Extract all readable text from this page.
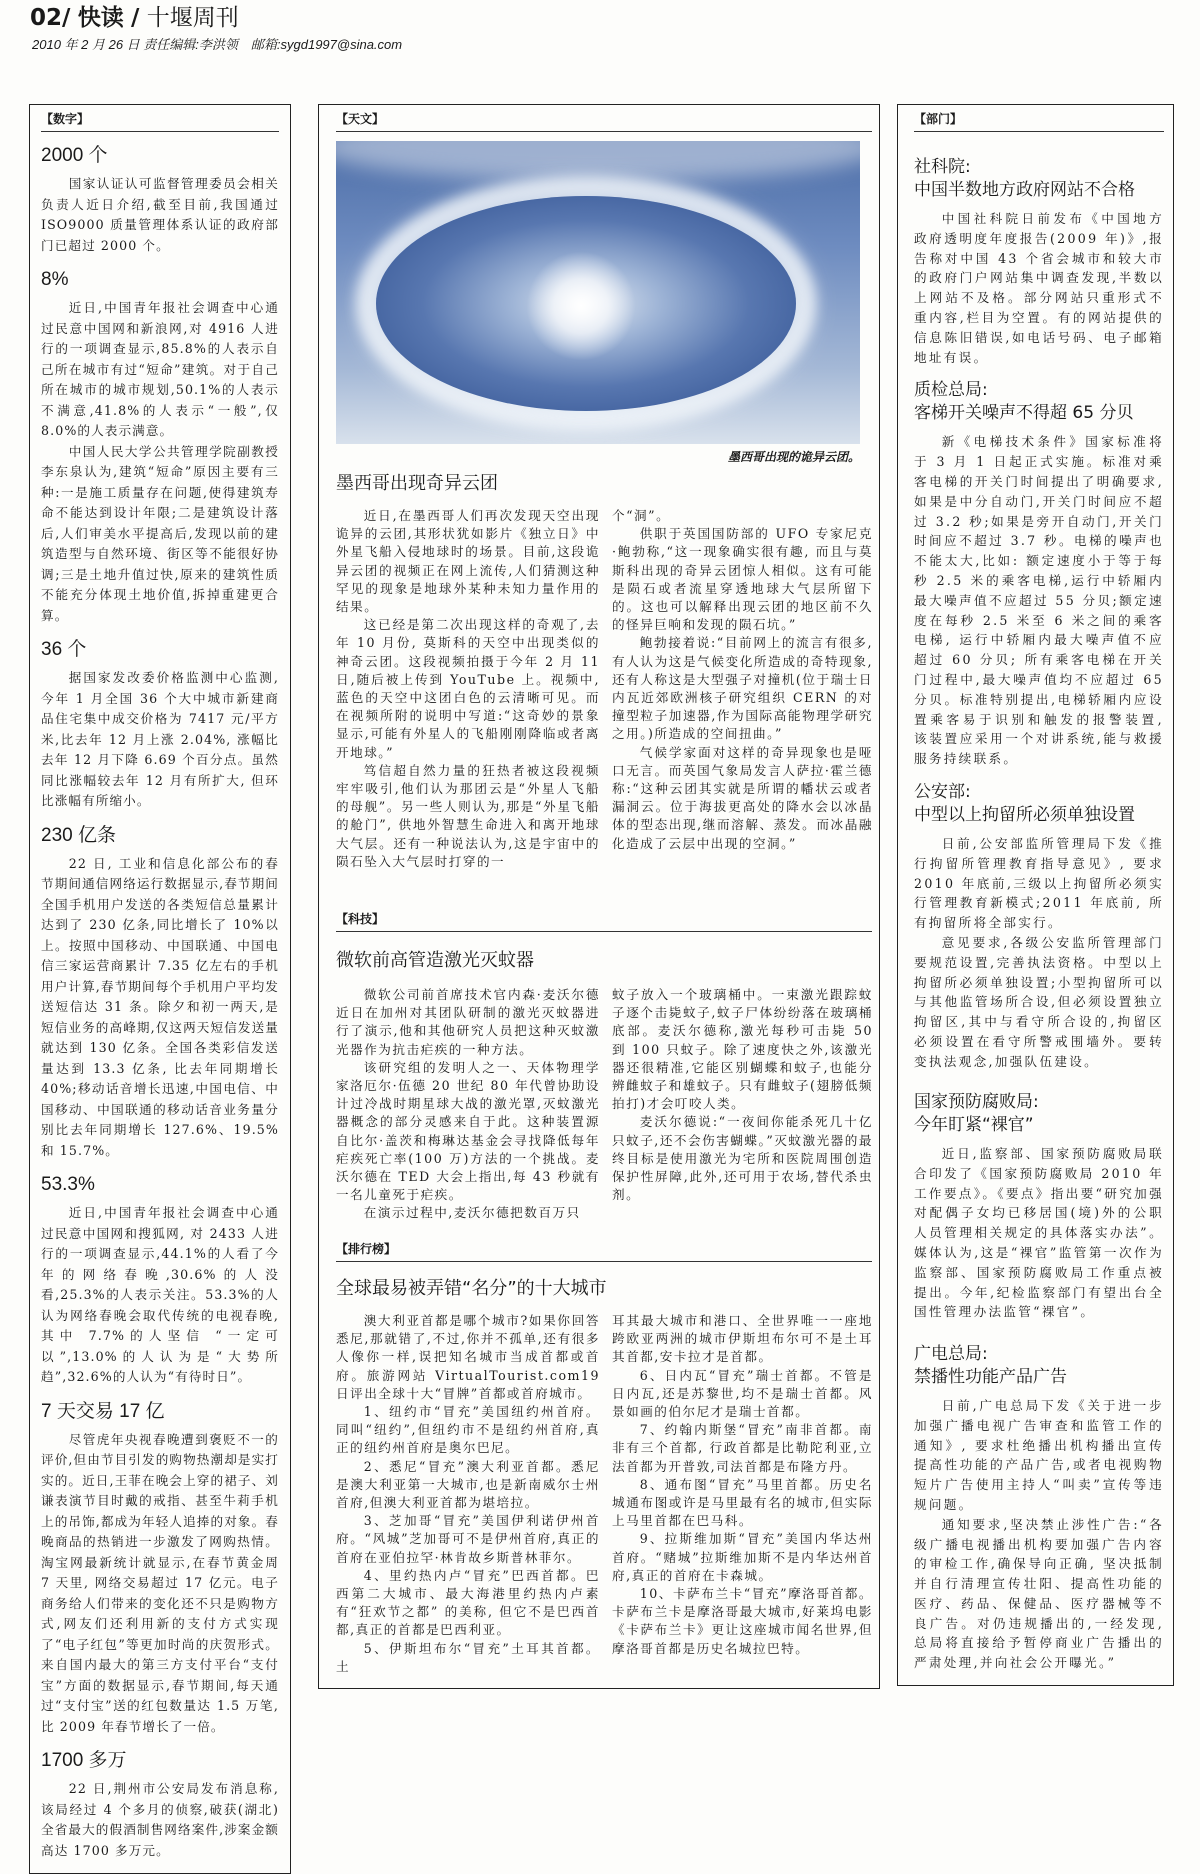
02/ 快读 / 十堰周刊
2010 年 2 月 26 日 责任编辑:李洪领　邮箱:sygd1997@sina.com
【数字】
2000 个

国家认证认可监督管理委员会相关负责人近日介绍,截至目前,我国通过 ISO9000 质量管理体系认证的政府部门已超过 2000 个。

8%

近日,中国青年报社会调查中心通过民意中国网和新浪网,对 4916 人进行的一项调查显示,85.8%的人表示自己所在城市有过“短命”建筑。对于自己所在城市的城市规划,50.1%的人表示不满意,41.8%的人表示“一般”,仅 8.0%的人表示满意。

中国人民大学公共管理学院副教授李东泉认为,建筑“短命”原因主要有三种:一是施工质量存在问题,使得建筑寿命不能达到设计年限;二是建筑设计落后,人们审美水平提高后,发现以前的建筑造型与自然环境、街区等不能很好协调;三是土地升值过快,原来的建筑性质不能充分体现土地价值,拆掉重建更合算。

36 个

据国家发改委价格监测中心监测,今年 1 月全国 36 个大中城市新建商品住宅集中成交价格为 7417 元/平方米,比去年 12 月上涨 2.04%, 涨幅比去年 12 月下降 6.69 个百分点。虽然同比涨幅较去年 12 月有所扩大, 但环比涨幅有所缩小。

230 亿条

22 日, 工业和信息化部公布的春节期间通信网络运行数据显示,春节期间全国手机用户发送的各类短信总量累计达到了 230 亿条,同比增长了 10%以上。按照中国移动、中国联通、中国电信三家运营商累计 7.35 亿左右的手机用户计算,春节期间每个手机用户平均发送短信达 31 条。除夕和初一两天,是短信业务的高峰期,仅这两天短信发送量就达到 130 亿条。全国各类彩信发送量达到 13.3 亿条, 比去年同期增长 40%;移动话音增长迅速,中国电信、中国移动、中国联通的移动话音业务量分别比去年同期增长 127.6%、19.5%和 15.7%。

53.3%

近日,中国青年报社会调查中心通过民意中国网和搜狐网, 对 2433 人进行的一项调查显示,44.1%的人看了今年的网络春晚,30.6%的人没看,25.3%的人表示关注。53.3%的人认为网络春晚会取代传统的电视春晚, 其中 7.7%的人坚信 “一定可以”,13.0%的人认为是“大势所趋”,32.6%的人认为“有待时日”。

7 天交易 17 亿

尽管虎年央视春晚遭到褒贬不一的评价,但由节目引发的购物热潮却是实打实的。近日,王菲在晚会上穿的裙子、刘谦表演节目时戴的戒指、甚至牛莉手机上的吊饰,都成为年轻人追捧的对象。春晚商品的热销进一步激发了网购热情。淘宝网最新统计就显示,在春节黄金周 7 天里, 网络交易超过 17 亿元。电子商务给人们带来的变化还不只是购物方式,网友们还利用新的支付方式实现了“电子红包”等更加时尚的庆贺形式。来自国内最大的第三方支付平台“支付宝”方面的数据显示,春节期间,每天通过“支付宝”送的红包数量达 1.5 万笔,比 2009 年春节增长了一倍。

1700 多万

22 日,荆州市公安局发布消息称,该局经过 4 个多月的侦察,破获(湖北)全省最大的假酒制售网络案件,涉案金额高达 1700 多万元。

【天文】
墨西哥出现的诡异云团。
墨西哥出现奇异云团

近日,在墨西哥人们再次发现天空出现诡异的云团,其形状犹如影片《独立日》中外星飞船入侵地球时的场景。目前,这段诡异云团的视频正在网上流传,人们猜测这种罕见的现象是地球外某种未知力量作用的结果。

这已经是第二次出现这样的奇观了,去年 10 月份, 莫斯科的天空中出现类似的神奇云团。这段视频拍摄于今年 2 月 11 日,随后被上传到 YouTube 上。视频中,蓝色的天空中这团白色的云清晰可见。而在视频所附的说明中写道:“这奇妙的景象显示,可能有外星人的飞船刚刚降临或者离开地球。”

笃信超自然力量的狂热者被这段视频牢牢吸引,他们认为那团云是“外星人飞船的母舰”。另一些人则认为,那是“外星飞船的舱门”, 供地外智慧生命进入和离开地球大气层。还有一种说法认为,这是宇宙中的陨石坠入大气层时打穿的一

个“洞”。

供职于英国国防部的 UFO 专家尼克·鲍勃称,“这一现象确实很有趣, 而且与莫斯科出现的奇异云团惊人相似。这有可能是陨石或者流星穿透地球大气层所留下的。这也可以解释出现云团的地区前不久的怪异巨响和发现的陨石坑。”

鲍勃接着说:“目前网上的流言有很多,有人认为这是气候变化所造成的奇特现象,还有人称这是大型强子对撞机(位于瑞士日内瓦近郊欧洲核子研究组织 CERN 的对撞型粒子加速器,作为国际高能物理学研究之用。)所造成的空间扭曲。”

气候学家面对这样的奇异现象也是哑口无言。而英国气象局发言人萨拉·霍兰德称:“这种云团其实就是所谓的幡状云或者漏洞云。位于海拔更高处的降水会以冰晶体的型态出现,继而溶解、蒸发。而冰晶融化造成了云层中出现的空洞。”

【科技】
微软前高管造激光灭蚊器

微软公司前首席技术官内森·麦沃尔德近日在加州对其团队研制的激光灭蚊器进行了演示,他和其他研究人员把这种灭蚊激光器作为抗击疟疾的一种方法。

该研究组的发明人之一、天体物理学家洛厄尔·伍德 20 世纪 80 年代曾协助设计过冷战时期星球大战的激光罩,灭蚊激光器概念的部分灵感来自于此。这种装置源自比尔·盖茨和梅琳达基金会寻找降低每年疟疾死亡率(100 万)方法的一个挑战。麦沃尔德在 TED 大会上指出,每 43 秒就有一名儿童死于疟疾。

在演示过程中,麦沃尔德把数百万只

蚊子放入一个玻璃桶中。一束激光跟踪蚊子逐个击毙蚊子,蚊子尸体纷纷落在玻璃桶底部。麦沃尔德称,激光每秒可击毙 50 到 100 只蚊子。除了速度快之外,该激光器还很精准,它能区别蝴蝶和蚊子,也能分辨雌蚊子和雄蚊子。只有雌蚊子(翅膀低频拍打)才会叮咬人类。

麦沃尔德说:“一夜间你能杀死几十亿只蚊子,还不会伤害蝴蝶。”灭蚊激光器的最终目标是使用激光为宅所和医院周围创造保护性屏障,此外,还可用于农场,替代杀虫剂。

【排行榜】
全球最易被弄错“名分”的十大城市

澳大利亚首都是哪个城市?如果你回答悉尼,那就错了,不过,你并不孤单,还有很多人像你一样,误把知名城市当成首都或首府。旅游网站 VirtualTourist.com19 日评出全球十大“冒牌”首都或首府城市。

1、纽约市“冒充”美国纽约州首府。同叫“纽约”,但纽约市不是纽约州首府,真正的纽约州首府是奥尔巴尼。

2、悉尼“冒充”澳大利亚首都。悉尼是澳大利亚第一大城市,也是新南威尔士州首府,但澳大利亚首都为堪培拉。

3、芝加哥“冒充”美国伊利诺伊州首府。“风城”芝加哥可不是伊州首府,真正的首府在亚伯拉罕·林肯故乡斯普林菲尔。

4、里约热内卢“冒充”巴西首都。巴西第二大城市、最大海港里约热内卢素有“狂欢节之都” 的美称, 但它不是巴西首都,真正的首都是巴西利亚。

5、伊斯坦布尔“冒充”土耳其首都。土

耳其最大城市和港口、全世界唯一一座地跨欧亚两洲的城市伊斯坦布尔可不是土耳其首都,安卡拉才是首都。

6、日内瓦“冒充”瑞士首都。不管是日内瓦,还是苏黎世,均不是瑞士首都。风景如画的伯尔尼才是瑞士首都。

7、约翰内斯堡“冒充”南非首都。南非有三个首都, 行政首都是比勒陀利亚,立法首都为开普敦,司法首都是布隆方丹。

8、通布图“冒充”马里首都。历史名城通布图或许是马里最有名的城市,但实际上马里首都在巴马科。

9、拉斯维加斯“冒充”美国内华达州首府。“赌城”拉斯维加斯不是内华达州首府,真正的首府在卡森城。

10、卡萨布兰卡“冒充”摩洛哥首都。卡萨布兰卡是摩洛哥最大城市,好莱坞电影《卡萨布兰卡》更让这座城市闻名世界,但摩洛哥首都是历史名城拉巴特。

【部门】
社科院:
中国半数地方政府网站不合格

中国社科院日前发布《中国地方政府透明度年度报告(2009 年)》,报告称对中国 43 个省会城市和较大市的政府门户网站集中调查发现,半数以上网站不及格。部分网站只重形式不重内容,栏目为空置。有的网站提供的信息陈旧错误,如电话号码、电子邮箱地址有误。

质检总局:
客梯开关噪声不得超 65 分贝

新《电梯技术条件》国家标准将于 3 月 1 日起正式实施。标准对乘客电梯的开关门时间提出了明确要求,如果是中分自动门,开关门时间应不超过 3.2 秒;如果是旁开自动门,开关门时间应不超过 3.7 秒。电梯的噪声也不能太大,比如: 额定速度小于等于每秒 2.5 米的乘客电梯,运行中轿厢内最大噪声值不应超过 55 分贝;额定速度在每秒 2.5 米至 6 米之间的乘客电梯, 运行中轿厢内最大噪声值不应超过 60 分贝; 所有乘客电梯在开关门过程中,最大噪声值均不应超过 65 分贝。标准特别提出,电梯轿厢内应设置乘客易于识别和触发的报警装置, 该装置应采用一个对讲系统,能与救援服务持续联系。

公安部:
中型以上拘留所必须单独设置

日前,公安部监所管理局下发《推行拘留所管理教育指导意见》, 要求 2010 年底前,三级以上拘留所必须实行管理教育新模式;2011 年底前, 所有拘留所将全部实行。

意见要求,各级公安监所管理部门要规范设置,完善执法资格。中型以上拘留所必须单独设置;小型拘留所可以与其他监管场所合设,但必须设置独立拘留区,其中与看守所合设的,拘留区必须设置在看守所警戒围墙外。要转变执法观念,加强队伍建设。

国家预防腐败局:
今年盯紧“裸官”

近日,监察部、国家预防腐败局联合印发了《国家预防腐败局 2010 年工作要点》。《要点》指出要“研究加强对配偶子女均已移居国(境)外的公职人员管理相关规定的具体落实办法”。媒体认为,这是“裸官”监管第一次作为监察部、国家预防腐败局工作重点被提出。今年,纪检监察部门有望出台全国性管理办法监管“裸官”。

广电总局:
禁播性功能产品广告

日前,广电总局下发《关于进一步加强广播电视广告审查和监管工作的通知》, 要求杜绝播出机构播出宣传提高性功能的产品广告,或者电视购物短片广告使用主持人“叫卖”宣传等违规问题。

通知要求,坚决禁止涉性广告:“各级广播电视播出机构要加强广告内容的审检工作,确保导向正确, 坚决抵制并自行清理宣传壮阳、提高性功能的医疗、药品、保健品、医疗器械等不良广告。对仍违规播出的,一经发现,总局将直接给予暂停商业广告播出的严肃处理,并向社会公开曝光。”
